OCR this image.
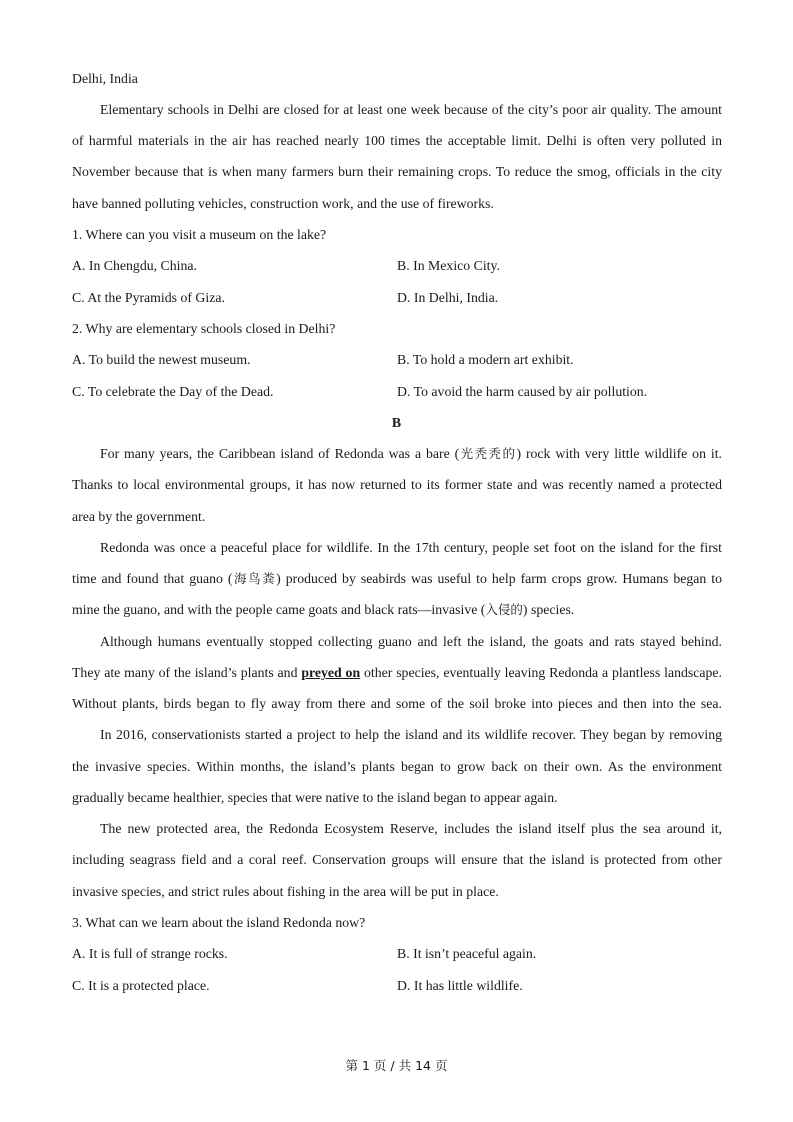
Delhi, India
Elementary schools in Delhi are closed for at least one week because of the city’s poor air quality. The amount
of harmful materials in the air has reached nearly 100 times the acceptable limit. Delhi is often very polluted in
November because that is when many farmers burn their remaining crops. To reduce the smog, officials in the city
have banned polluting vehicles, construction work, and the use of fireworks.
1. Where can you visit a museum on the lake?
A. In Chengdu, China.	B. In Mexico City.
C. At the Pyramids of Giza.	D. In Delhi, India.
2. Why are elementary schools closed in Delhi?
A. To build the newest museum.	B. To hold a modern art exhibit.
C. To celebrate the Day of the Dead.	D. To avoid the harm caused by air pollution.
B
For many years, the Caribbean island of Redonda was a bare (光秃秃的) rock with very little wildlife on it.
Thanks to local environmental groups, it has now returned to its former state and was recently named a protected
area by the government.
Redonda was once a peaceful place for wildlife. In the 17th century, people set foot on the island for the first
time and found that guano (海鸟粪) produced by seabirds was useful to help farm crops grow. Humans began to
mine the guano, and with the people came goats and black rats—invasive (入侵的) species.
Although humans eventually stopped collecting guano and left the island, the goats and rats stayed behind.
They ate many of the island’s plants and preyed on other species, eventually leaving Redonda a plantless landscape.
Without plants, birds began to fly away from there and some of the soil broke into pieces and then into the sea.
In 2016, conservationists started a project to help the island and its wildlife recover. They began by removing
the invasive species. Within months, the island’s plants began to grow back on their own. As the environment
gradually became healthier, species that were native to the island began to appear again.
The new protected area, the Redonda Ecosystem Reserve, includes the island itself plus the sea around it,
including seagrass field and a coral reef. Conservation groups will ensure that the island is protected from other
invasive species, and strict rules about fishing in the area will be put in place.
3. What can we learn about the island Redonda now?
A. It is full of strange rocks.	B. It isn’t peaceful again.
C. It is a protected place.	D. It has little wildlife.
第 1 页 / 共 14 页
